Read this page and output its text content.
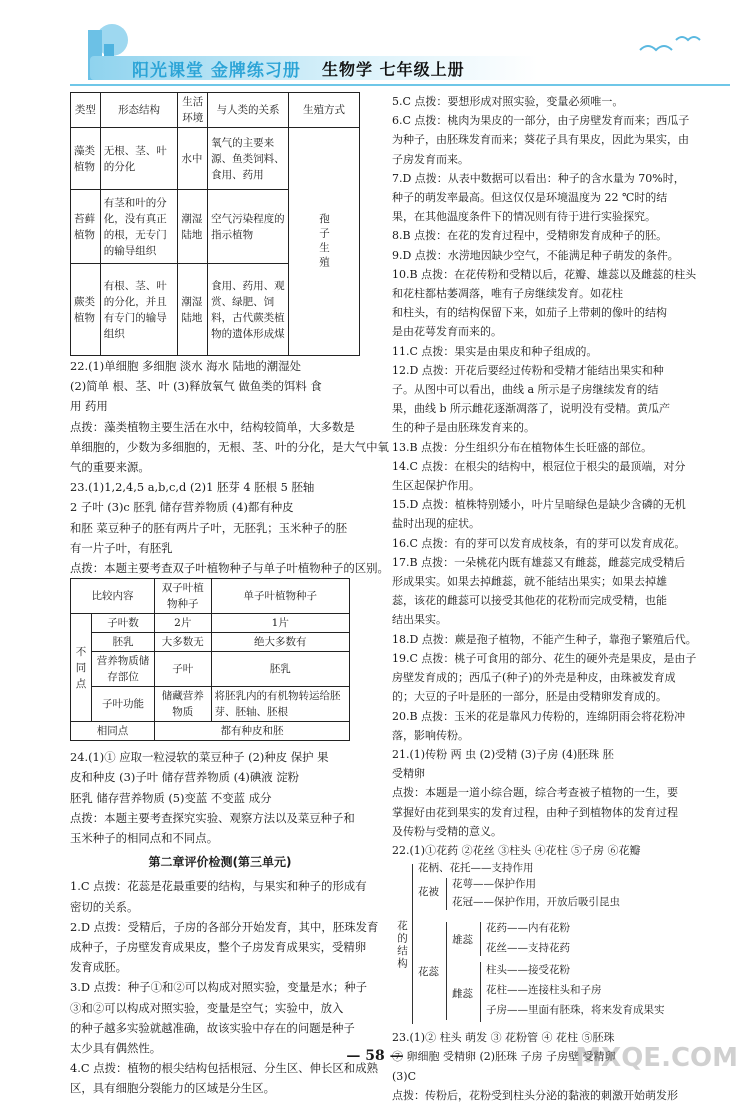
阳光课堂 金牌练习册 生物学 七年级上册
类型	形态结构	生活环境	与人类的关系	生殖方式
藻类植物	无根、茎、叶的分化	水中	氧气的主要来源、鱼类饲料、食用、药用	孢子生殖
苔藓植物	有茎和叶的分化，没有真正的根，无专门的输导组织	潮湿陆地	空气污染程度的指示植物	
蕨类植物	有根、茎、叶的分化，并且有专门的输导组织	潮湿陆地	食用、药用、观赏、绿肥、饲料，古代蕨类植物的遗体形成煤	
22.(1)单细胞 多细胞 淡水 海水 陆地的潮湿处
(2)简单 根、茎、叶 (3)释放氧气 做鱼类的饵料 食
用 药用
点拨：藻类植物主要生活在水中，结构较简单，大多数是
单细胞的，少数为多细胞的，无根、茎、叶的分化，是大气中氧
气的重要来源。
23.(1)1,2,4,5 a,b,c,d (2)1 胚芽 4 胚根 5 胚轴
2 子叶 (3)c 胚乳 储存营养物质 (4)都有种皮
和胚 菜豆种子的胚有两片子叶，无胚乳；玉米种子的胚
有一片子叶，有胚乳
点拨：本题主要考查双子叶植物种子与单子叶植物种子的区别。
比较内容		双子叶植物种子	单子叶植物种子
不同点	子叶数	2片	1片
	胚乳	大多数无	绝大多数有
	营养物质储存部位	子叶	胚乳
	子叶功能	储藏营养物质	将胚乳内的有机物转运给胚芽、胚轴、胚根
相同点		都有种皮和胚	
24.(1)① 应取一粒浸软的菜豆种子 (2)种皮 保护 果
皮和种皮 (3)子叶 储存营养物质 (4)碘液 淀粉
胚乳 储存营养物质 (5)变蓝 不变蓝 成分
点拨：本题主要考查探究实验、观察方法以及菜豆种子和
玉米种子的相同点和不同点。
第二章评价检测(第三单元)
1.C 点拨：花蕊是花最重要的结构，与果实和种子的形成有
密切的关系。
2.D 点拨：受精后，子房的各部分开始发育，其中，胚珠发育
成种子，子房壁发育成果皮，整个子房发育成果实，受精卵
发育成胚。
3.D 点拨：种子①和②可以构成对照实验，变量是水；种子
③和②可以构成对照实验，变量是空气；实验中，放入
的种子越多实验就越准确，故该实验中存在的问题是种子
太少具有偶然性。
4.C 点拨：植物的根尖结构包括根冠、分生区、伸长区和成熟
区，具有细胞分裂能力的区域是分生区。
5.C 点拨：要想形成对照实验，变量必须唯一。
6.C 点拨：桃肉为果皮的一部分，由子房壁发育而来；西瓜子
为种子，由胚珠发育而来；葵花子具有果皮，因此为果实，由
子房发育而来。
7.D 点拨：从表中数据可以看出：种子的含水量为 70%时，
种子的萌发率最高。但这仅仅是环境温度为 22 ℃时的结
果，在其他温度条件下的情况则有待于进行实验探究。
8.B 点拨：在花的发育过程中，受精卵发育成种子的胚。
9.D 点拨：水涝地因缺少空气，不能满足种子萌发的条件。
10.B 点拨：在花传粉和受精以后，花瓣、雄蕊以及雌蕊的柱头
和花柱都枯萎凋落，唯有子房继续发育。如花柱
和柱头，有的结构保留下来，如茄子上带刺的像叶的结构
是由花萼发育而来的。
11.C 点拨：果实是由果皮和种子组成的。
12.D 点拨：开花后要经过传粉和受精才能结出果实和种
子。从图中可以看出，曲线 a 所示是子房继续发育的结
果，曲线 b 所示雌花逐渐凋落了，说明没有受精。黄瓜产
生的种子是由胚珠发育来的。
13.B 点拨：分生组织分布在植物体生长旺盛的部位。
14.C 点拨：在根尖的结构中，根冠位于根尖的最顶端，对分
生区起保护作用。
15.D 点拨：植株特别矮小，叶片呈暗绿色是缺少含磷的无机
盐时出现的症状。
16.C 点拨：有的芽可以发育成枝条，有的芽可以发育成花。
17.B 点拨：一朵桃花内既有雄蕊又有雌蕊，雌蕊完成受精后
形成果实。如果去掉雌蕊，就不能结出果实；如果去掉雄
蕊，该花的雌蕊可以接受其他花的花粉而完成受精，也能
结出果实。
18.D 点拨：蕨是孢子植物，不能产生种子，靠孢子繁殖后代。
19.C 点拨：桃子可食用的部分、花生的硬外壳是果皮，是由子
房壁发育成的；西瓜子(种子)的外壳是种皮，由珠被发育成
的；大豆的子叶是胚的一部分，胚是由受精卵发育成的。
20.B 点拨：玉米的花是靠风力传粉的，连绵阴雨会将花粉冲
落，影响传粉。
21.(1)传粉 两 虫 (2)受精 (3)子房 (4)胚珠 胚
受精卵
点拨：本题是一道小综合题，综合考查被子植物的一生，要
掌握好由花到果实的发育过程，由种子到植物体的发育过程
及传粉与受精的意义。
22.(1)①花药 ②花丝 ③柱头 ④花柱 ⑤子房 ⑥花瓣
花的结构
花柄、花托——支持作用
花被
花萼——保护作用
花冠——保护作用，开放后吸引昆虫
花蕊
雄蕊
花药——内有花粉
花丝——支持花药
雌蕊
柱头——接受花粉
花柱——连接柱头和子房
子房——里面有胚珠，将来发育成果实
23.(1)② 柱头 萌发 ③ 花粉管 ④ 花柱 ⑤胚珠
⑦ 卵细胞 受精卵 (2)胚珠 子房 子房壁 受精卵
(3)C
点拨：传粉后，花粉受到柱头分泌的黏液的刺激开始萌发形
— 58 —	MXQE.COM
